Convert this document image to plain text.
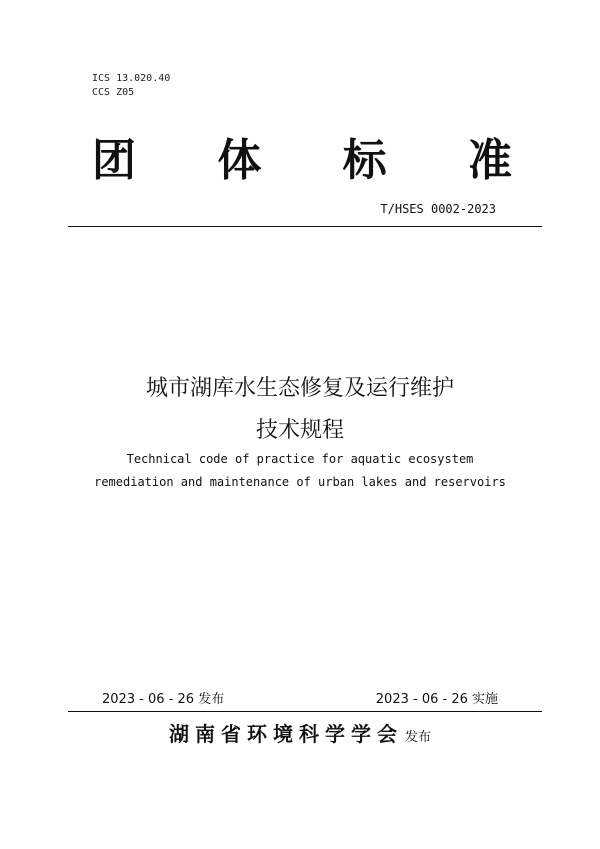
ICS 13.020.40
CCS Z05
团 体 标 准
T/HSES 0002-2023
城市湖库水生态修复及运行维护
技术规程
Technical code of practice for aquatic ecosystem
remediation and maintenance of urban lakes and reservoirs
2023 - 06 - 26 发布	2023 - 06 - 26 实施
湖南省环境科学学会 发布
